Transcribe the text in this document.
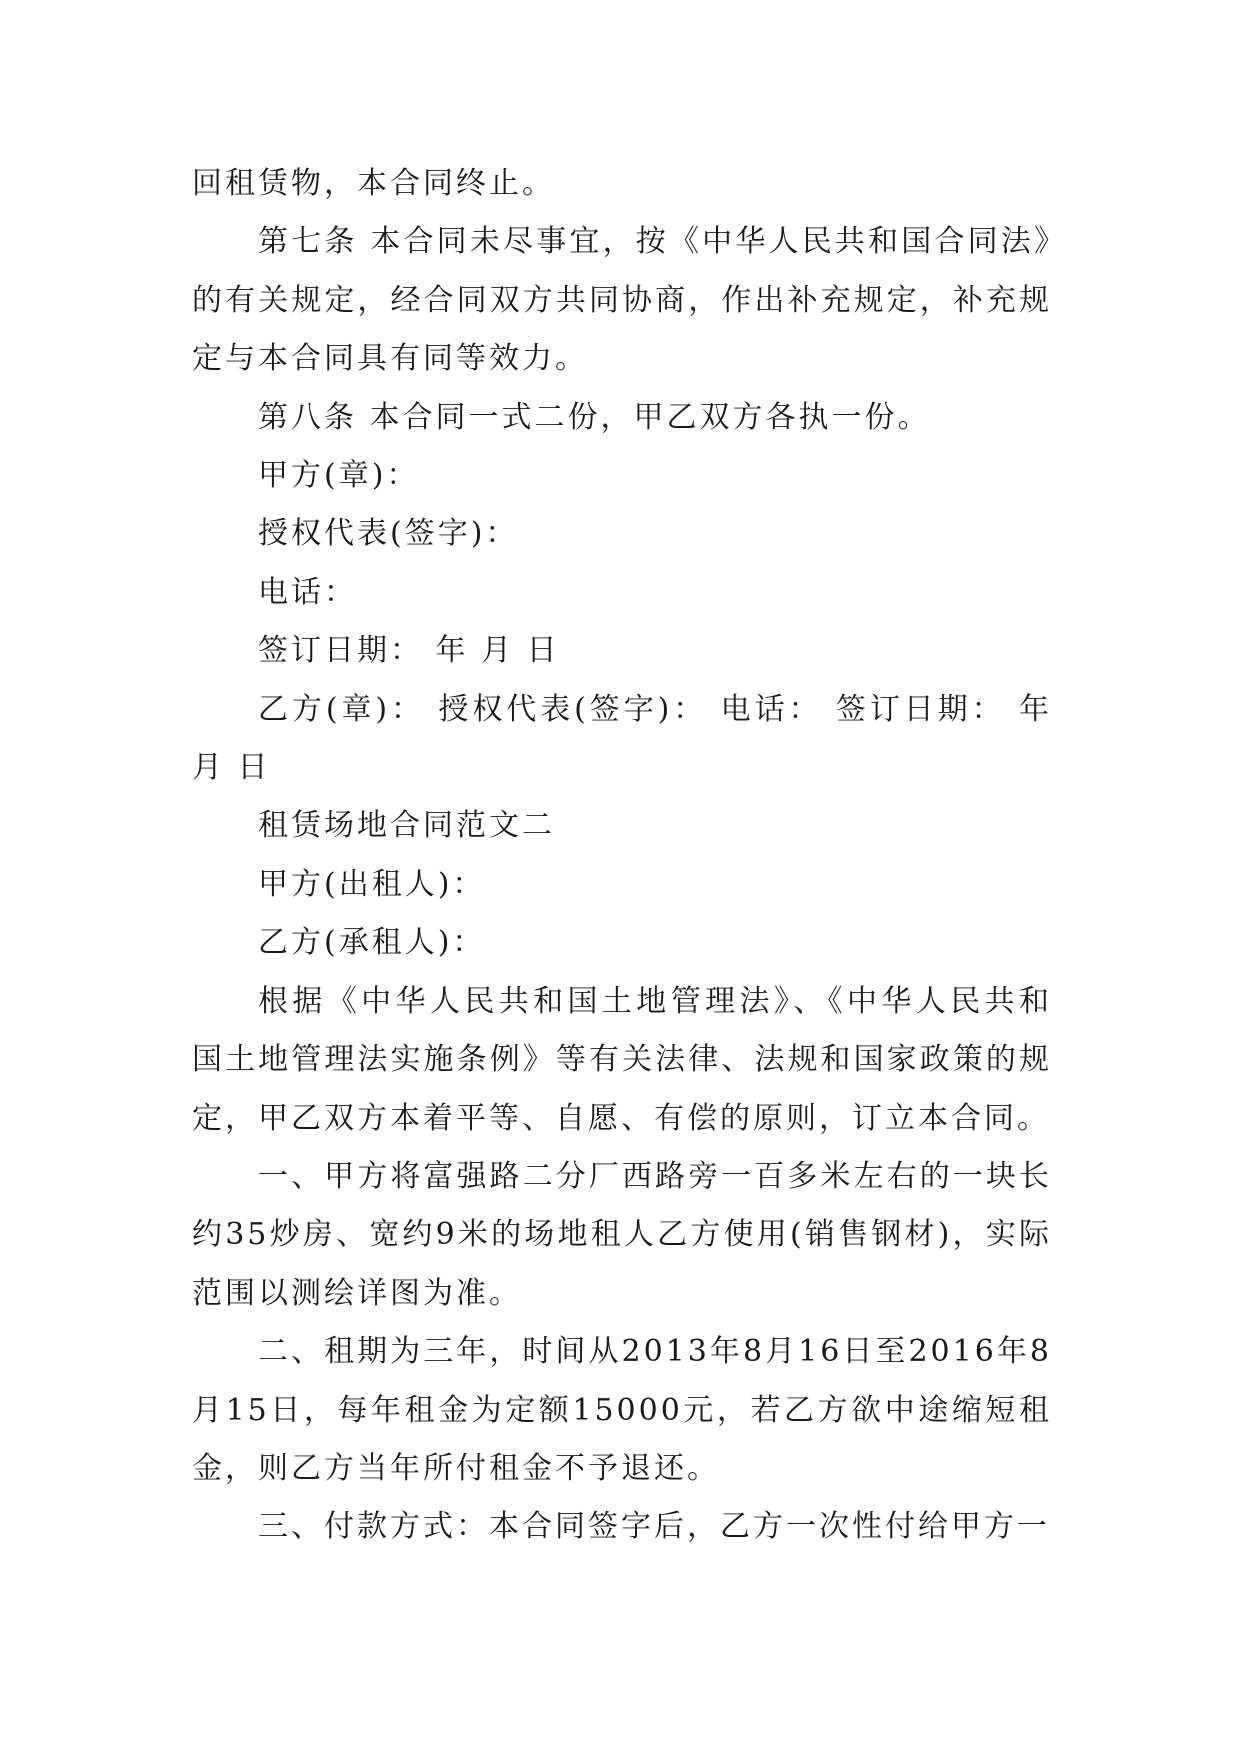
回租赁物，本合同终止。

第七条 本合同未尽事宜，按《中华人民共和国合同法》的有关规定，经合同双方共同协商，作出补充规定，补充规定与本合同具有同等效力。

第八条 本合同一式二份，甲乙双方各执一份。

甲方(章)：

授权代表(签字)：

电话：

签订日期： 年 月 日

乙方(章)： 授权代表(签字)： 电话： 签订日期： 年 月 日

租赁场地合同范文二

甲方(出租人)：

乙方(承租人)：

根据《中华人民共和国土地管理法》、《中华人民共和国土地管理法实施条例》等有关法律、法规和国家政策的规定，甲乙双方本着平等、自愿、有偿的原则，订立本合同。

一、甲方将富强路二分厂西路旁一百多米左右的一块长约35炒房、宽约9米的场地租人乙方使用(销售钢材)，实际范围以测绘详图为准。

二、租期为三年，时间从2013年8月16日至2016年8月15日，每年租金为定额15000元，若乙方欲中途缩短租金，则乙方当年所付租金不予退还。

三、付款方式：本合同签字后，乙方一次性付给甲方一
